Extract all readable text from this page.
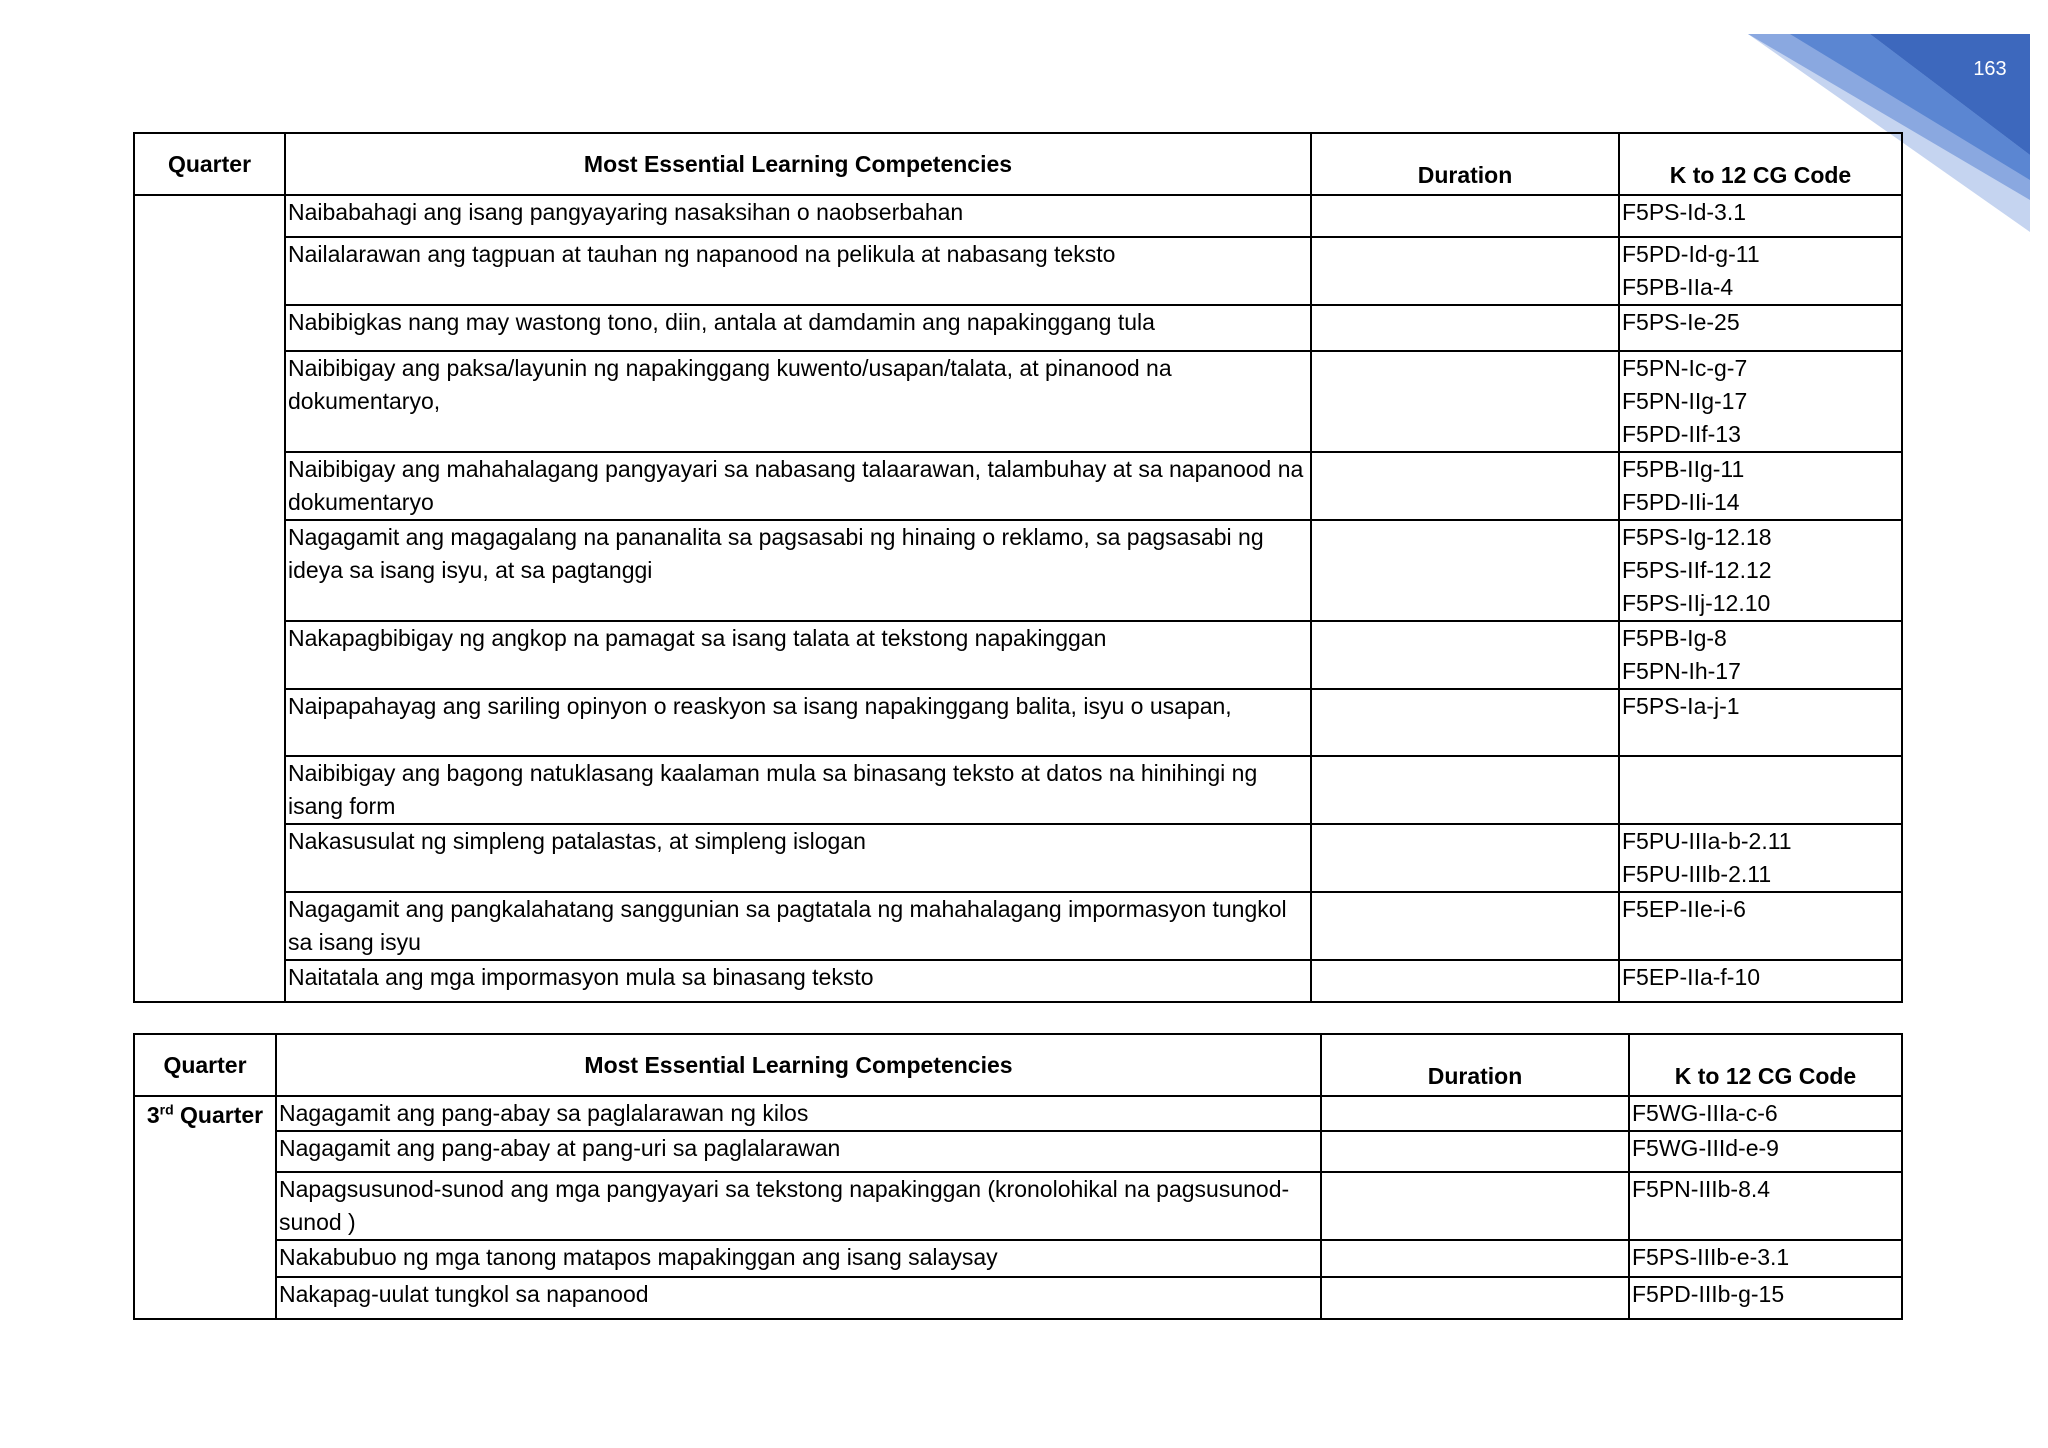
163
Quarter	Most Essential Learning Competencies	Duration	K to 12 CG Code
	Naibabahagi ang isang pangyayaring nasaksihan o naobserbahan		F5PS-Id-3.1

	Nailalarawan ang tagpuan at tauhan ng napanood na pelikula at nabasang teksto		F5PD-Id-g-11
F5PB-IIa-4

	Nabibigkas nang may wastong tono, diin, antala at damdamin ang napakinggang tula		F5PS-Ie-25

	Naibibigay ang paksa/layunin ng napakinggang kuwento/usapan/talata, at pinanood na dokumentaryo,		F5PN-Ic-g-7
F5PN-IIg-17
F5PD-IIf-13

	Naibibigay ang mahahalagang pangyayari sa nabasang talaarawan, talambuhay at sa napanood na dokumentaryo		F5PB-IIg-11
F5PD-IIi-14

	Nagagamit ang magagalang na pananalita sa pagsasabi ng hinaing o reklamo, sa pagsasabi ng ideya sa isang isyu, at sa pagtanggi		F5PS-Ig-12.18
F5PS-IIf-12.12
F5PS-IIj-12.10

	Nakapagbibigay ng angkop na pamagat sa isang talata at tekstong napakinggan		F5PB-Ig-8
F5PN-Ih-17

	Naipapahayag ang sariling opinyon o reaskyon sa isang napakinggang balita, isyu o usapan,		F5PS-Ia-j-1

	Naibibigay ang bagong natuklasang kaalaman mula sa binasang teksto at datos na hinihingi ng isang form		
	Nakasusulat ng simpleng patalastas, at simpleng islogan		F5PU-IIIa-b-2.11
F5PU-IIIb-2.11

	Nagagamit ang pangkalahatang sanggunian sa pagtatala ng mahahalagang impormasyon tungkol sa isang isyu		F5EP-IIe-i-6

	Naitatala ang mga impormasyon mula sa binasang teksto		F5EP-IIa-f-10
Quarter	Most Essential Learning Competencies	Duration	K to 12 CG Code
3rd Quarter	Nagagamit ang pang-abay sa paglalarawan ng kilos		F5WG-IIIa-c-6

	Nagagamit ang pang-abay at pang-uri sa paglalarawan		F5WG-IIId-e-9

	Napagsusunod-sunod ang mga pangyayari sa tekstong napakinggan (kronolohikal na pagsusunod-sunod )		F5PN-IIIb-8.4

	Nakabubuo ng mga tanong matapos mapakinggan ang isang salaysay		F5PS-IIIb-e-3.1

	Nakapag-uulat tungkol sa napanood		F5PD-IIIb-g-15
